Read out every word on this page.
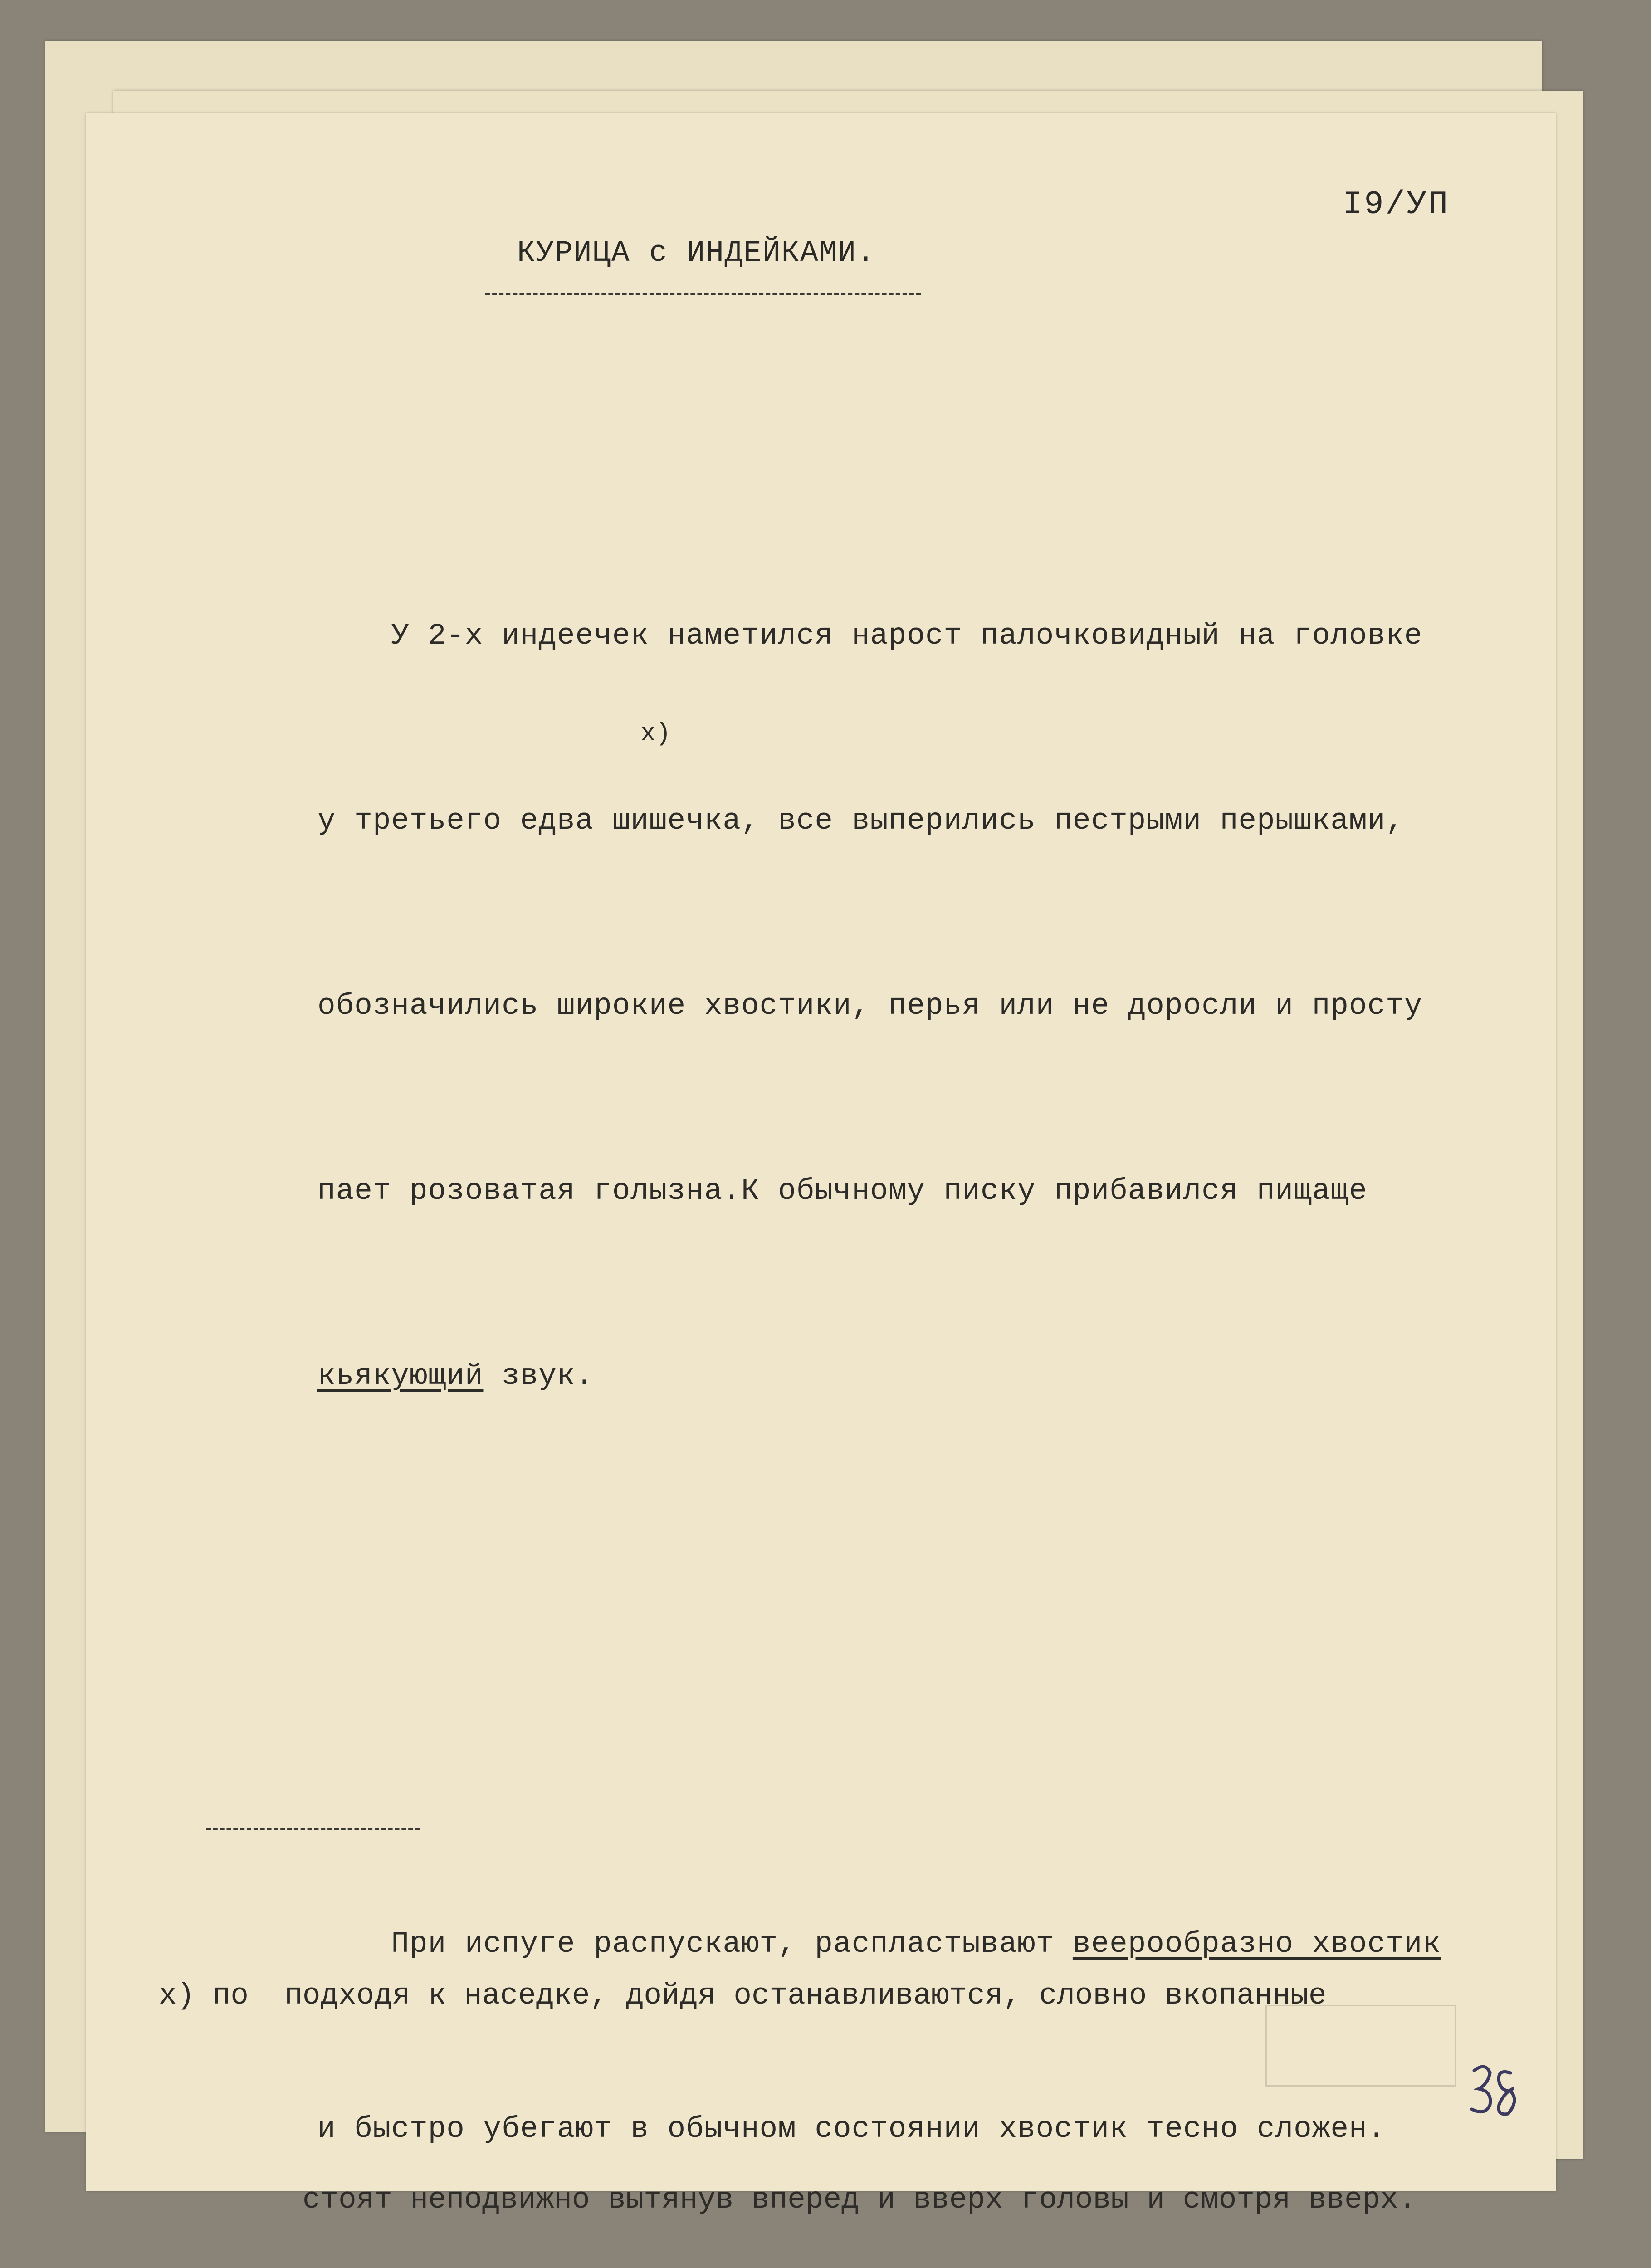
I9/УП
КУРИЦА с ИНДЕЙКАМИ.

У 2-х индеечек наметился нарост палочковидный на головке

у третьего едва шишечка, все выперились пестрыми перышками,

обозначились широкие хвостики, перья или не доросли и просту

пает розоватая голызна.К обычному писку прибавился пищаще

кьякующий звук.

При испуге распускают, распластывают веерообразно хвостик

и быстро убегают в обычном состоянии хвостик тесно сложен.

x)

x) по  подходя к наседке, дойдя останавливаются, словно вкопанные

стоят неподвижно вытянув вперед и вверх головы и смотря вверх.
